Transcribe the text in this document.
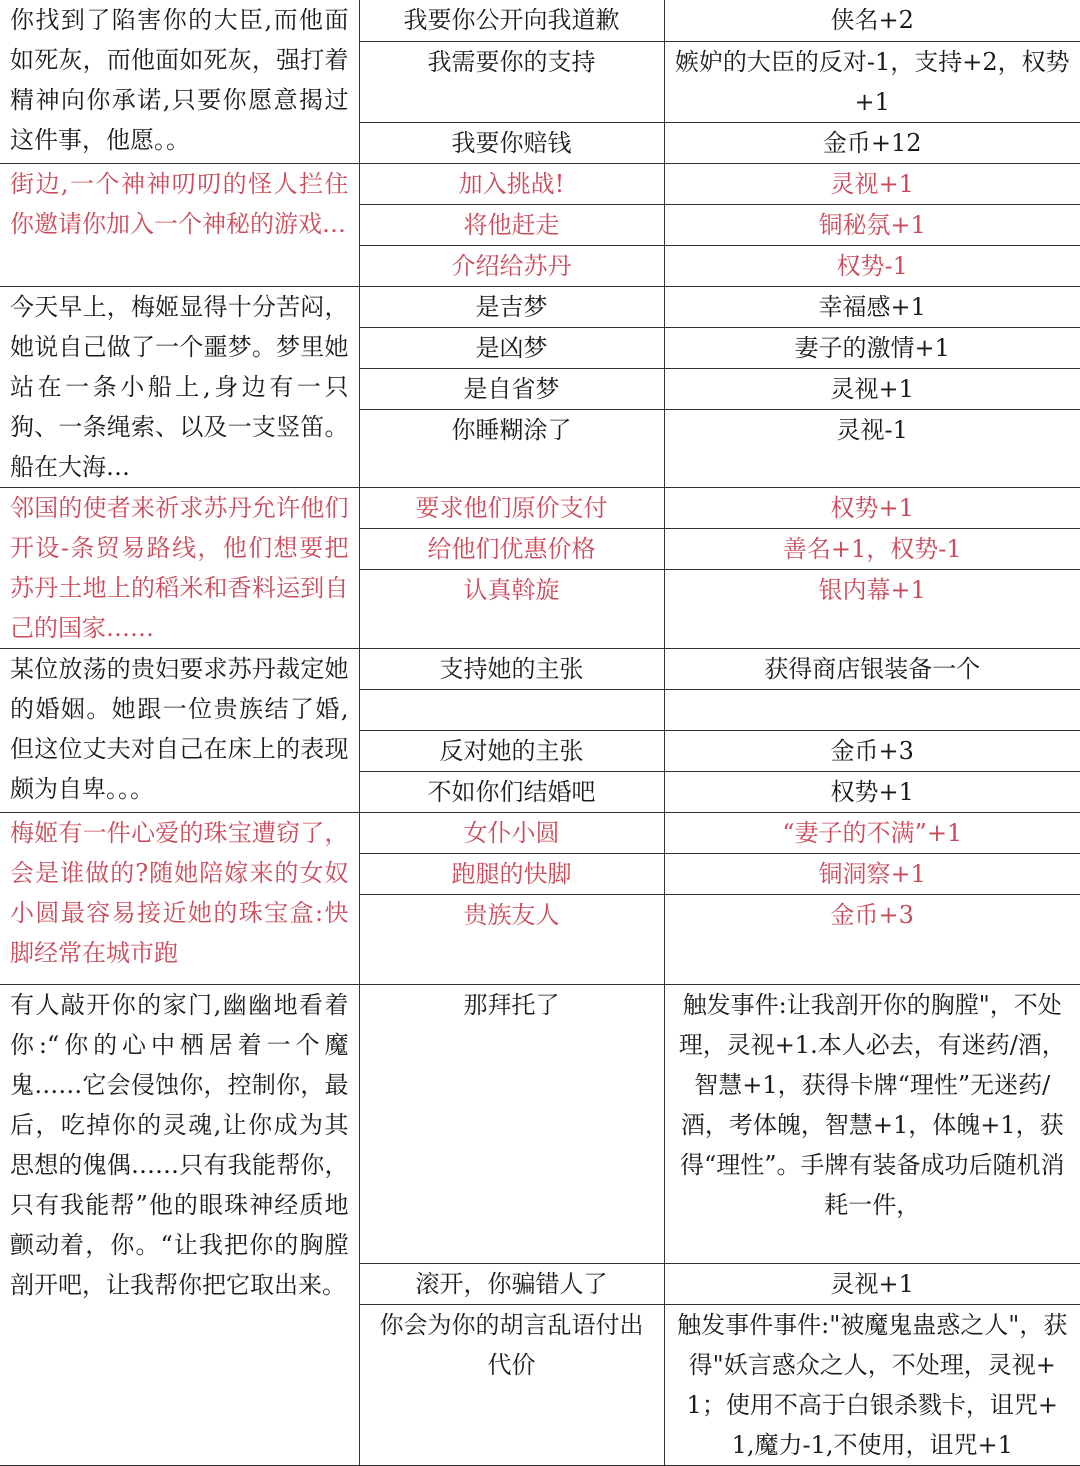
你找到了陷害你的大臣,而他面如死灰，而他面如死灰，强打着精神向你承诺,只要你愿意揭过这件事，他愿。。	我要你公开向我道歉	侠名+2
	我需要你的支持	嫉妒的大臣的反对-1，支持+2，权势+1

	我要你赔钱	金币+12
街边,一个神神叨叨的怪人拦住你邀请你加入一个神秘的游戏…	加入挑战!	灵视+1
	将他赶走	铜秘氛+1
	介绍给苏丹	权势-1
今天早上，梅姬显得十分苦闷，她说自己做了一个噩梦。梦里她站在一条小船上,身边有一只狗、一条绳索、以及一支竖笛。船在大海…	是吉梦	幸福感+1
	是凶梦	妻子的激情+1
	是自省梦	灵视+1
	你睡糊涂了	灵视-1
邻国的使者来祈求苏丹允许他们开设-条贸易路线，他们想要把苏丹土地上的稻米和香料运到自己的国家……	要求他们原价支付	权势+1
	给他们优惠价格	善名+1，权势-1
	认真斡旋	银内幕+1
某位放荡的贵妇要求苏丹裁定她的婚姻。她跟一位贵族结了婚,但这位丈夫对自己在床上的表现颇为自卑。。。	支持她的主张	获得商店银装备一个

	反对她的主张	金币+3
	不如你们结婚吧	权势+1
梅姬有一件心爱的珠宝遭窃了，会是谁做的?随她陪嫁来的女奴小圆最容易接近她的珠宝盒:快脚经常在城市跑	女仆小圆	“妻子的不满”+1
	跑腿的快脚	铜洞察+1
	贵族友人	金币+3
有人敲开你的家门,幽幽地看着你:“你的心中栖居着一个魔鬼……它会侵蚀你，控制你，最后，吃掉你的灵魂,让你成为其思想的傀偶……只有我能帮你，只有我能帮”他的眼珠神经质地颤动着，你。“让我把你的胸膛剖开吧，让我帮你把它取出来。	那拜托了	触发事件:让我剖开你的胸膛"，不处理，灵视+1.本人必去，有迷药/酒，智慧+1，获得卡牌“理性”无迷药/酒，考体魄，智慧+1，体魄+1，获得“理性”。手牌有装备成功后随机消耗一件，
	滚开，你骗错人了	灵视+1
	你会为你的胡言乱语付出代价	触发事件事件:"被魔鬼蛊惑之人"，获得"妖言惑众之人，不处理，灵视+1；使用不高于白银杀戮卡，诅咒+1,魔力-1,不使用，诅咒+1
